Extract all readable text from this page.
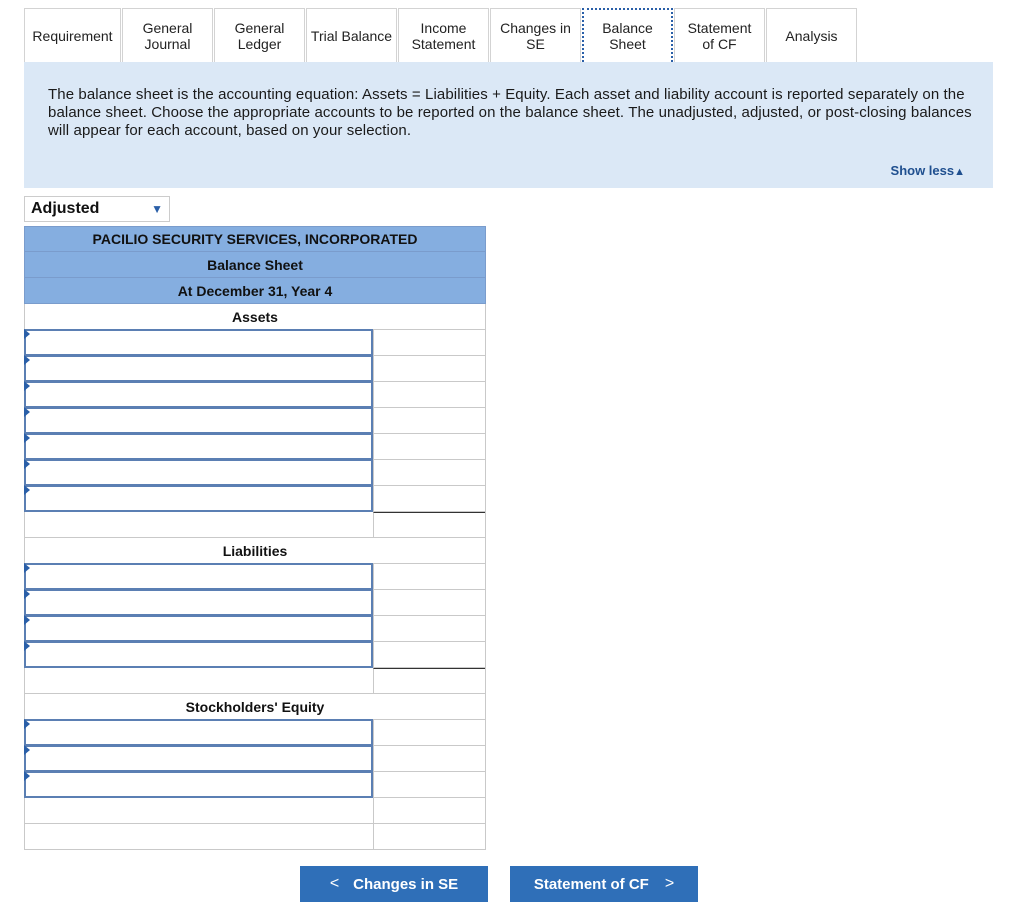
Requirement	General Journal
General Ledger	Trial Balance	Income Statement
Changes in SE
Balance Sheet
Statement of CF	Analysis
The balance sheet is the accounting equation: Assets = Liabilities + Equity. Each asset and liability account is reported separately on the balance sheet. Choose the appropriate accounts to be reported on the balance sheet. The unadjusted, adjusted, or post-closing balances will appear for each account, based on your selection.
Show less▲
Adjusted	▼
PACILIO SECURITY SERVICES, INCORPORATED
Balance Sheet
At December 31, Year 4
Assets
Liabilities
Stockholders' Equity
< Changes in SE	Statement of CF >
